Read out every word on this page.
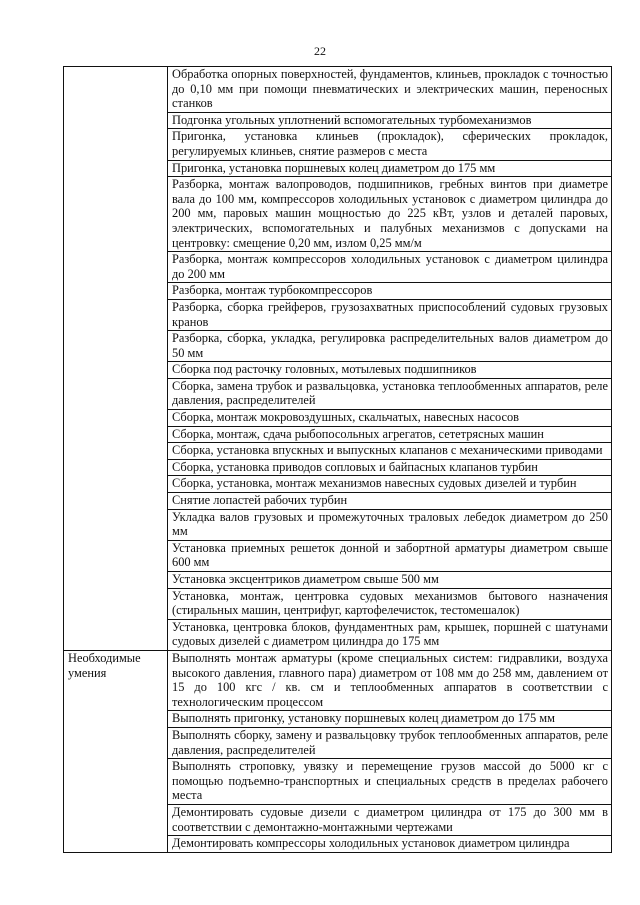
22
	Обработка опорных поверхностей, фундаментов, клиньев, прокладок с точностью до 0,10 мм при помощи пневматических и электрических машин, переносных станков
	Подгонка угольных уплотнений вспомогательных турбомеханизмов
	Пригонка, установка клиньев (прокладок), сферических прокладок, регулируемых клиньев, снятие размеров с места
	Пригонка, установка поршневых колец диаметром до 175 мм
	Разборка, монтаж валопроводов, подшипников, гребных винтов при диаметре вала до 100 мм, компрессоров холодильных установок с диаметром цилиндра до 200 мм, паровых машин мощностью до 225 кВт, узлов и деталей паровых, электрических, вспомогательных и палубных механизмов с допусками на центровку: смещение 0,20 мм, излом 0,25 мм/м
	Разборка, монтаж компрессоров холодильных установок с диаметром цилиндра до 200 мм
	Разборка, монтаж турбокомпрессоров
	Разборка, сборка грейферов, грузозахватных приспособлений судовых грузовых кранов
	Разборка, сборка, укладка, регулировка распределительных валов диаметром до 50 мм
	Сборка под расточку головных, мотылевых подшипников
	Сборка, замена трубок и развальцовка, установка теплообменных аппаратов, реле давления, распределителей
	Сборка, монтаж мокровоздушных, скальчатых, навесных насосов
	Сборка, монтаж, сдача рыбопосольных агрегатов, сететрясных машин
	Сборка, установка впускных и выпускных клапанов с механическими приводами
	Сборка, установка приводов сопловых и байпасных клапанов турбин
	Сборка, установка, монтаж механизмов навесных судовых дизелей и турбин
	Снятие лопастей рабочих турбин
	Укладка валов грузовых и промежуточных траловых лебедок диаметром до 250 мм
	Установка приемных решеток донной и забортной арматуры диаметром свыше 600 мм
	Установка эксцентриков диаметром свыше 500 мм
	Установка, монтаж, центровка судовых механизмов бытового назначения (стиральных машин, центрифуг, картофелечисток, тестомешалок)
	Установка, центровка блоков, фундаментных рам, крышек, поршней с шатунами судовых дизелей с диаметром цилиндра до 175 мм
Необходимые умения	Выполнять монтаж арматуры (кроме специальных систем: гидравлики, воздуха высокого давления, главного пара) диаметром от 108 мм до 258 мм, давлением от 15 до 100 кгс / кв. см и теплообменных аппаратов в соответствии с технологическим процессом
	Выполнять пригонку, установку поршневых колец диаметром до 175 мм
	Выполнять сборку, замену и развальцовку трубок теплообменных аппаратов, реле давления, распределителей
	Выполнять строповку, увязку и перемещение грузов массой до 5000 кг с помощью подъемно-транспортных и специальных средств в пределах рабочего места
	Демонтировать судовые дизели с диаметром цилиндра от 175 до 300 мм в соответствии с демонтажно-монтажными чертежами
	Демонтировать компрессоры холодильных установок диаметром цилиндра
